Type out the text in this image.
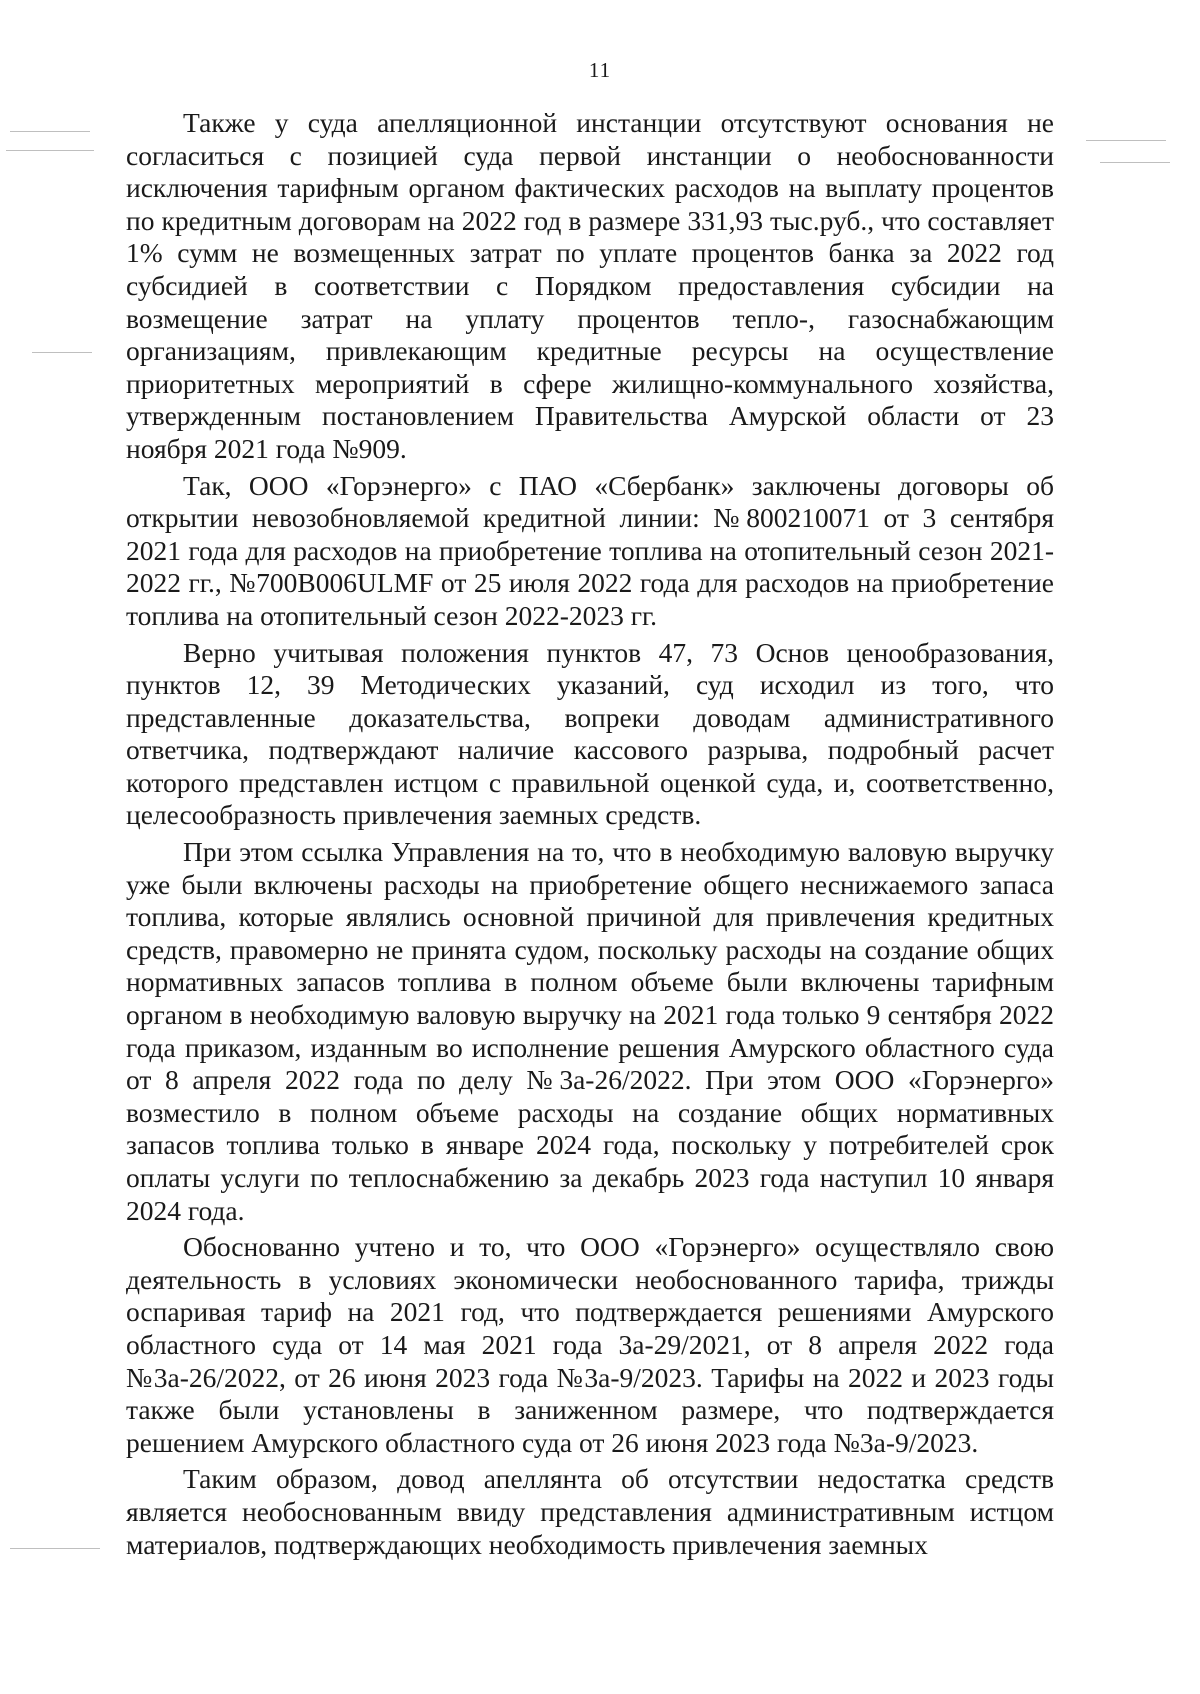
11

Также у суда апелляционной инстанции отсутствуют основания не согласиться с позицией суда первой инстанции о необоснованности исключения тарифным органом фактических расходов на выплату процентов по кредитным договорам на 2022 год в размере 331,93 тыс.руб., что составляет 1% сумм не возмещенных затрат по уплате процентов банка за 2022 год субсидией в соответствии с Порядком предоставления субсидии на возмещение затрат на уплату процентов тепло-, газоснабжающим организациям, привлекающим кредитные ресурсы на осуществление приоритетных мероприятий в сфере жилищно-коммунального хозяйства, утвержденным постановлением Правительства Амурской области от 23 ноября 2021 года №909.

Так, ООО «Горэнерго» с ПАО «Сбербанк» заключены договоры об открытии невозобновляемой кредитной линии: №800210071 от 3 сентября 2021 года для расходов на приобретение топлива на отопительный сезон 2021-2022 гг., №700B006ULMF от 25 июля 2022 года для расходов на приобретение топлива на отопительный сезон 2022-2023 гг.

Верно учитывая положения пунктов 47, 73 Основ ценообразования, пунктов 12, 39 Методических указаний, суд исходил из того, что представленные доказательства, вопреки доводам административного ответчика, подтверждают наличие кассового разрыва, подробный расчет которого представлен истцом с правильной оценкой суда, и, соответственно, целесообразность привлечения заемных средств.

При этом ссылка Управления на то, что в необходимую валовую выручку уже были включены расходы на приобретение общего неснижаемого запаса топлива, которые являлись основной причиной для привлечения кредитных средств, правомерно не принята судом, поскольку расходы на создание общих нормативных запасов топлива в полном объеме были включены тарифным органом в необходимую валовую выручку на 2021 года только 9 сентября 2022 года приказом, изданным во исполнение решения Амурского областного суда от 8 апреля 2022 года по делу №3а-26/2022. При этом ООО «Горэнерго» возместило в полном объеме расходы на создание общих нормативных запасов топлива только в январе 2024 года, поскольку у потребителей срок оплаты услуги по теплоснабжению за декабрь 2023 года наступил 10 января 2024 года.

Обоснованно учтено и то, что ООО «Горэнерго» осуществляло свою деятельность в условиях экономически необоснованного тарифа, трижды оспаривая тариф на 2021 год, что подтверждается решениями Амурского областного суда от 14 мая 2021 года 3а-29/2021, от 8 апреля 2022 года №3а-26/2022, от 26 июня 2023 года №3а-9/2023. Тарифы на 2022 и 2023 годы также были установлены в заниженном размере, что подтверждается решением Амурского областного суда от 26 июня 2023 года №3а-9/2023.

Таким образом, довод апеллянта об отсутствии недостатка средств является необоснованным ввиду представления административным истцом материалов, подтверждающих необходимость привлечения заемных
